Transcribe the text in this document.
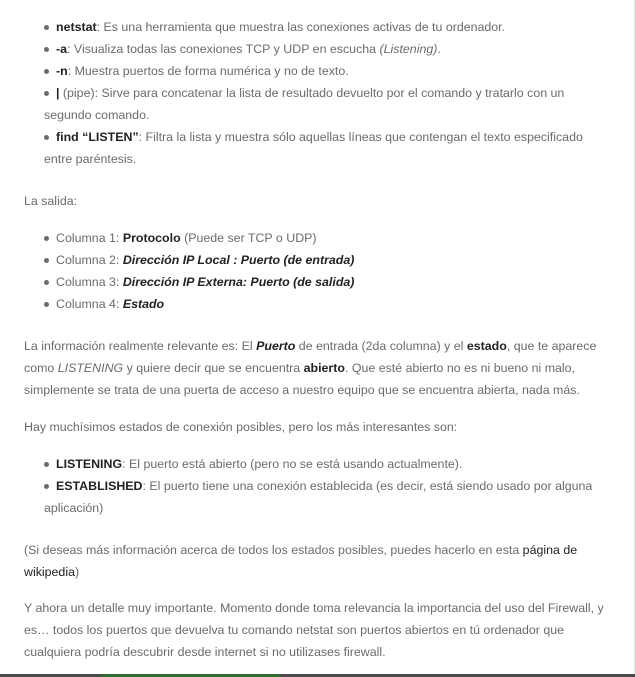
netstat: Es una herramienta que muestra las conexiones activas de tu ordenador.
-a: Visualiza todas las conexiones TCP y UDP en escucha (Listening).
-n: Muestra puertos de forma numérica y no de texto.
| (pipe): Sirve para concatenar la lista de resultado devuelto por el comando y tratarlo con un
segundo comando.
find “LISTEN”: Filtra la lista y muestra sólo aquellas líneas que contengan el texto especificado
entre paréntesis.

La salida:

Columna 1: Protocolo (Puede ser TCP o UDP)
Columna 2: Dirección IP Local : Puerto (de entrada)
Columna 3: Dirección IP Externa: Puerto (de salida)
Columna 4: Estado

La información realmente relevante es: El Puerto de entrada (2da columna) y el estado, que te aparece
como LISTENING y quiere decir que se encuentra abierto. Que esté abierto no es ni bueno ni malo,
simplemente se trata de una puerta de acceso a nuestro equipo que se encuentra abierta, nada más.

Hay muchísimos estados de conexión posibles, pero los más interesantes son:

LISTENING: El puerto está abierto (pero no se está usando actualmente).
ESTABLISHED: El puerto tiene una conexión establecida (es decir, está siendo usado por alguna
aplicación)

(Si deseas más información acerca de todos los estados posibles, puedes hacerlo en esta página de
wikipedia)

Y ahora un detalle muy importante. Momento donde toma relevancia la importancia del uso del Firewall, y
es… todos los puertos que devuelva tu comando netstat son puertos abiertos en tú ordenador que
cualquiera podría descubrir desde internet si no utilizases firewall.
